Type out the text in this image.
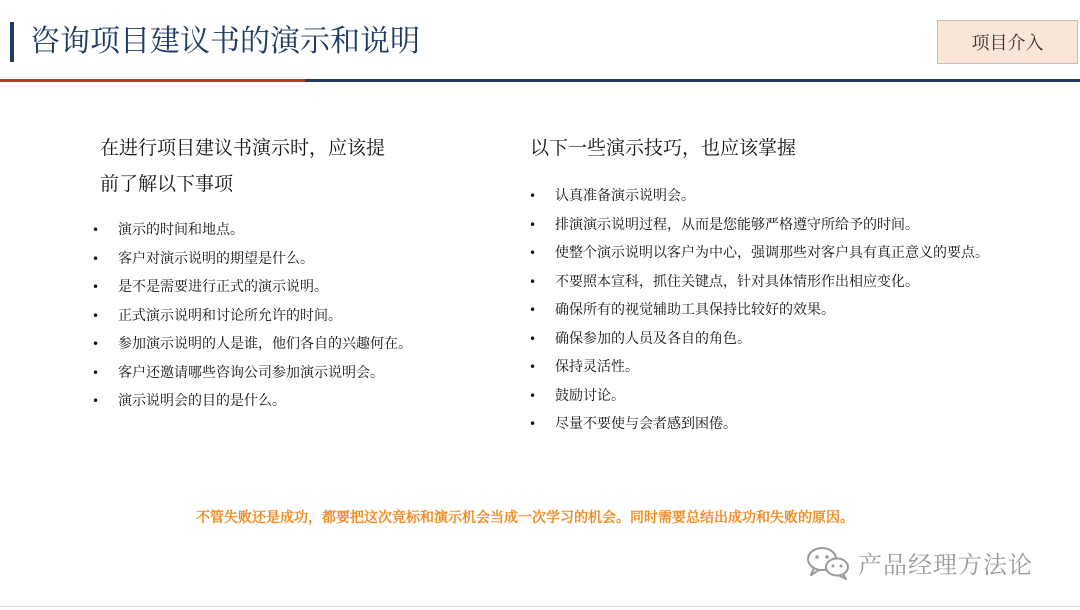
咨询项目建议书的演示和说明	项目介入
在进行项目建议书演示时，应该提
前了解以下事项
• 演示的时间和地点。
• 客户对演示说明的期望是什么。
• 是不是需要进行正式的演示说明。
• 正式演示说明和讨论所允许的时间。
• 参加演示说明的人是谁，他们各自的兴趣何在。
• 客户还邀请哪些咨询公司参加演示说明会。
• 演示说明会的目的是什么。
以下一些演示技巧，也应该掌握
• 认真准备演示说明会。
• 排演演示说明过程，从而是您能够严格遵守所给予的时间。
• 使整个演示说明以客户为中心，强调那些对客户具有真正意义的要点。
• 不要照本宣科，抓住关键点，针对具体情形作出相应变化。
• 确保所有的视觉辅助工具保持比较好的效果。
• 确保参加的人员及各自的角色。
• 保持灵活性。
• 鼓励讨论。
• 尽量不要使与会者感到困倦。
不管失败还是成功，都要把这次竞标和演示机会当成一次学习的机会。同时需要总结出成功和失败的原因。
产品经理方法论
